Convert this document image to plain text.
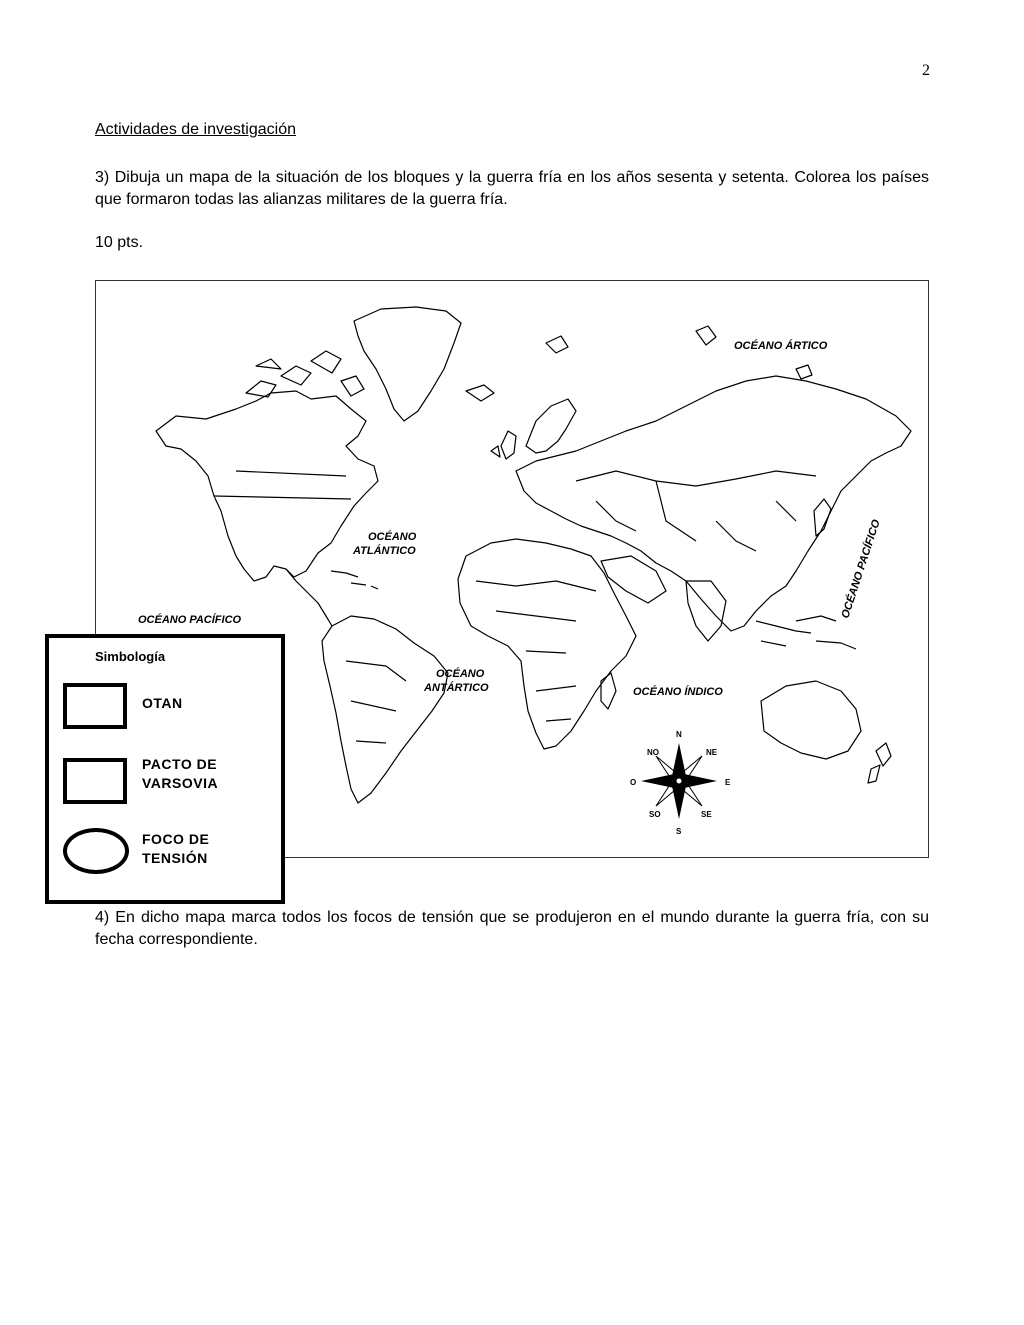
2
Actividades de investigación
3) Dibuja un mapa de la situación de los bloques y la guerra fría en los años sesenta y setenta. Colorea los países que formaron todas las alianzas militares de la guerra fría.
10 pts.
OCÉANO ÁRTICO
OCÉANO
ATLÁNTICO
OCÉANO PACÍFICO
OCÉANO
ANTÁRTICO	OCÉANO ÍNDICO
OCÉANO PACÍFICO
N
S
E
O
NE
NO
SE
SO
Simbología
OTAN
PACTO DE VARSOVIA
FOCO DE TENSIÓN
4) En dicho mapa marca todos los focos de tensión que se produjeron en el mundo durante la guerra fría, con su fecha correspondiente.
